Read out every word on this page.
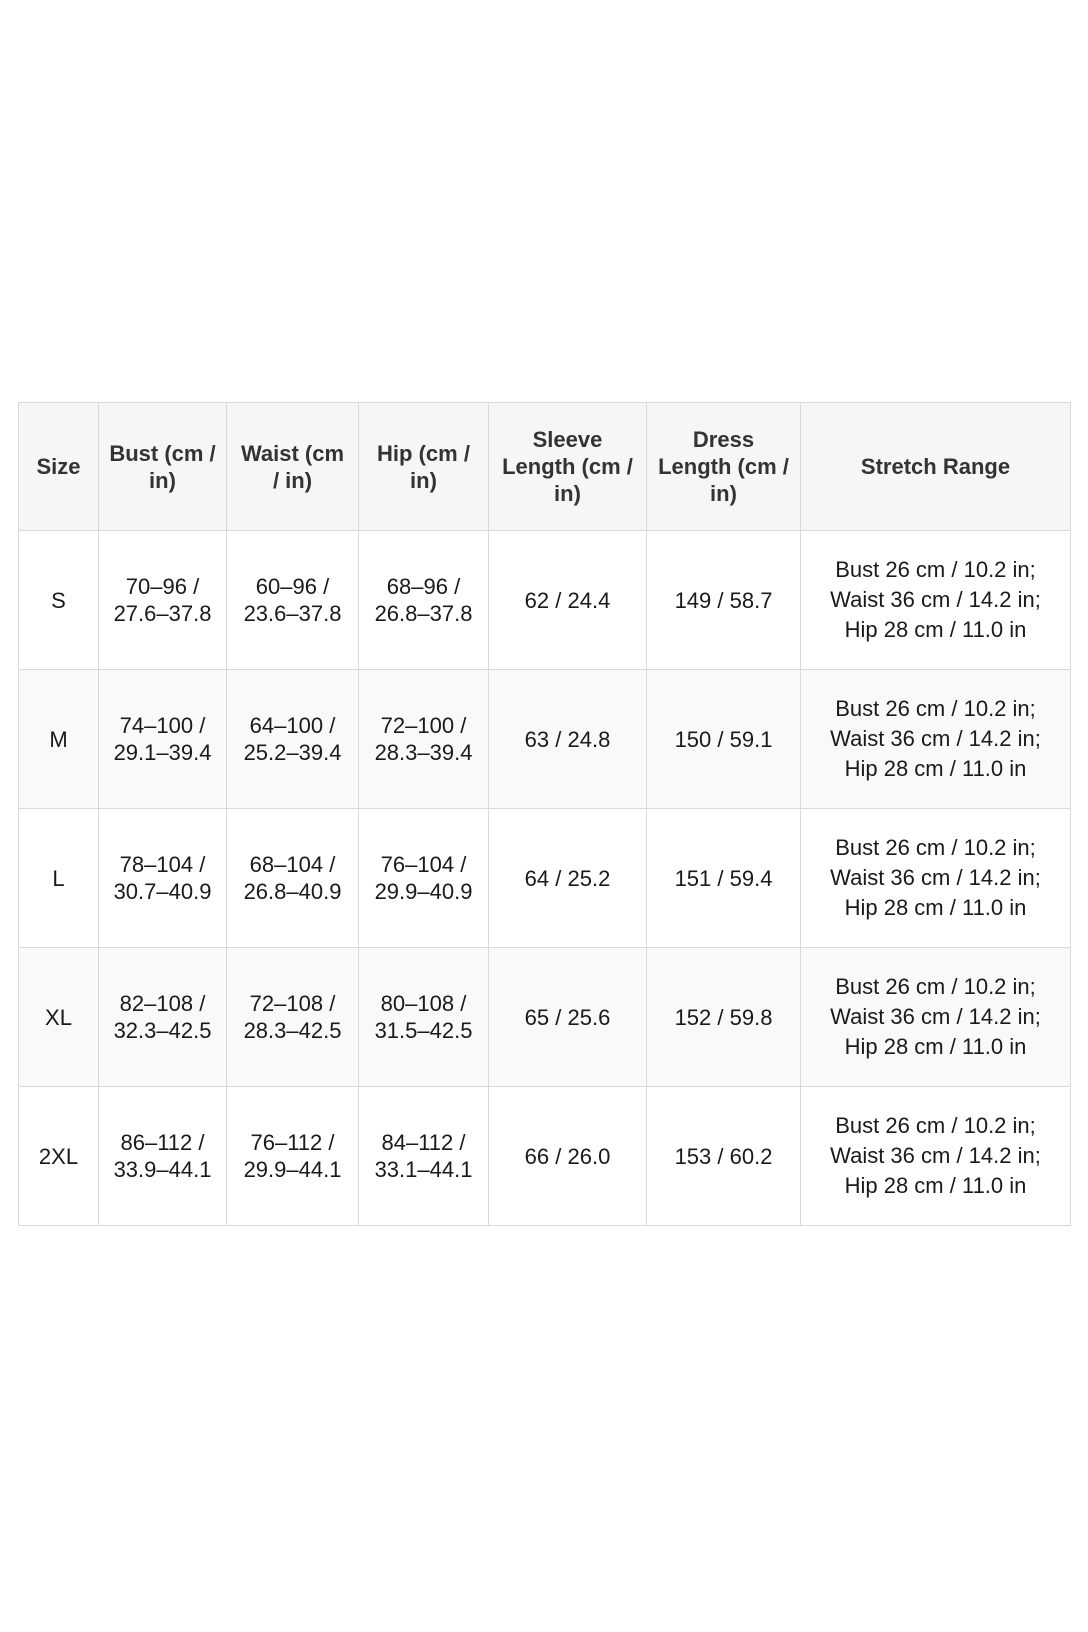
Size	Bust (cm / in)	Waist (cm / in)	Hip (cm / in)	Sleeve Length (cm / in)	Dress Length (cm / in)	Stretch Range
S	70–96 / 27.6–37.8	60–96 / 23.6–37.8	68–96 / 26.8–37.8	62 / 24.4	149 / 58.7	Bust 26 cm / 10.2 in; Waist 36 cm / 14.2 in; Hip 28 cm / 11.0 in
M	74–100 / 29.1–39.4	64–100 / 25.2–39.4	72–100 / 28.3–39.4	63 / 24.8	150 / 59.1	Bust 26 cm / 10.2 in; Waist 36 cm / 14.2 in; Hip 28 cm / 11.0 in
L	78–104 / 30.7–40.9	68–104 / 26.8–40.9	76–104 / 29.9–40.9	64 / 25.2	151 / 59.4	Bust 26 cm / 10.2 in; Waist 36 cm / 14.2 in; Hip 28 cm / 11.0 in
XL	82–108 / 32.3–42.5	72–108 / 28.3–42.5	80–108 / 31.5–42.5	65 / 25.6	152 / 59.8	Bust 26 cm / 10.2 in; Waist 36 cm / 14.2 in; Hip 28 cm / 11.0 in
2XL	86–112 / 33.9–44.1	76–112 / 29.9–44.1	84–112 / 33.1–44.1	66 / 26.0	153 / 60.2	Bust 26 cm / 10.2 in; Waist 36 cm / 14.2 in; Hip 28 cm / 11.0 in
